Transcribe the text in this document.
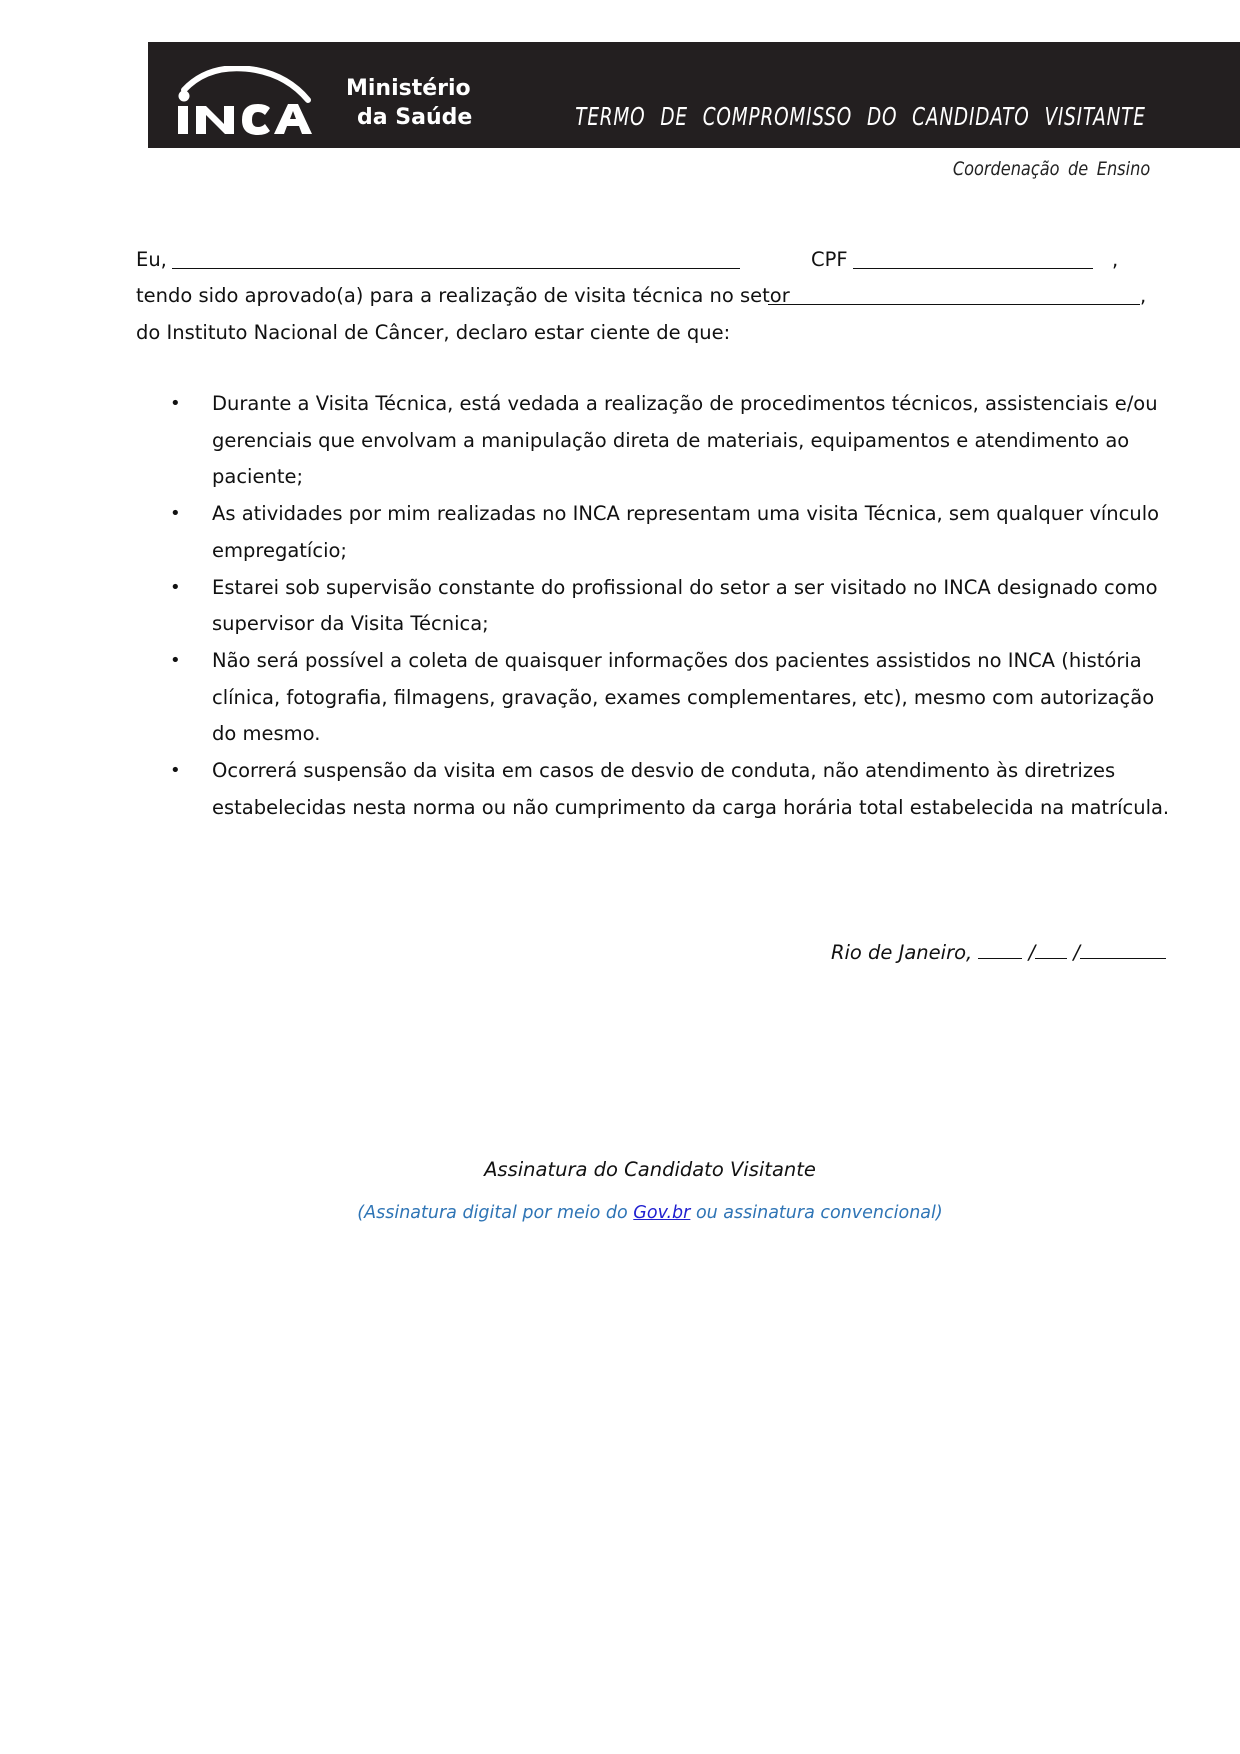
Ministério
da Saúde	TERMO DE COMPROMISSO DO CANDIDATO VISITANTE
Coordenação de Ensino
Eu,	CPF	,
tendo sido aprovado(a) para a realização de visita técnica no setor	,
do Instituto Nacional de Câncer, declaro estar ciente de que:
• Durante a Visita Técnica, está vedada a realização de procedimentos técnicos, assistenciais e/ou gerenciais que envolvam a manipulação direta de materiais, equipamentos e atendimento ao paciente;
• As atividades por mim realizadas no INCA representam uma visita Técnica, sem qualquer vínculo empregatício;
• Estarei sob supervisão constante do profissional do setor a ser visitado no INCA designado como supervisor da Visita Técnica;
• Não será possível a coleta de quaisquer informações dos pacientes assistidos no INCA (história clínica, fotografia, filmagens, gravação, exames complementares, etc), mesmo com autorização do mesmo.
• Ocorrerá suspensão da visita em casos de desvio de conduta, não atendimento às diretrizes estabelecidas nesta norma ou não cumprimento da carga horária total estabelecida na matrícula.
Rio de Janeiro,	/ /
Assinatura do Candidato Visitante
(Assinatura digital por meio do Gov.br ou assinatura convencional)
